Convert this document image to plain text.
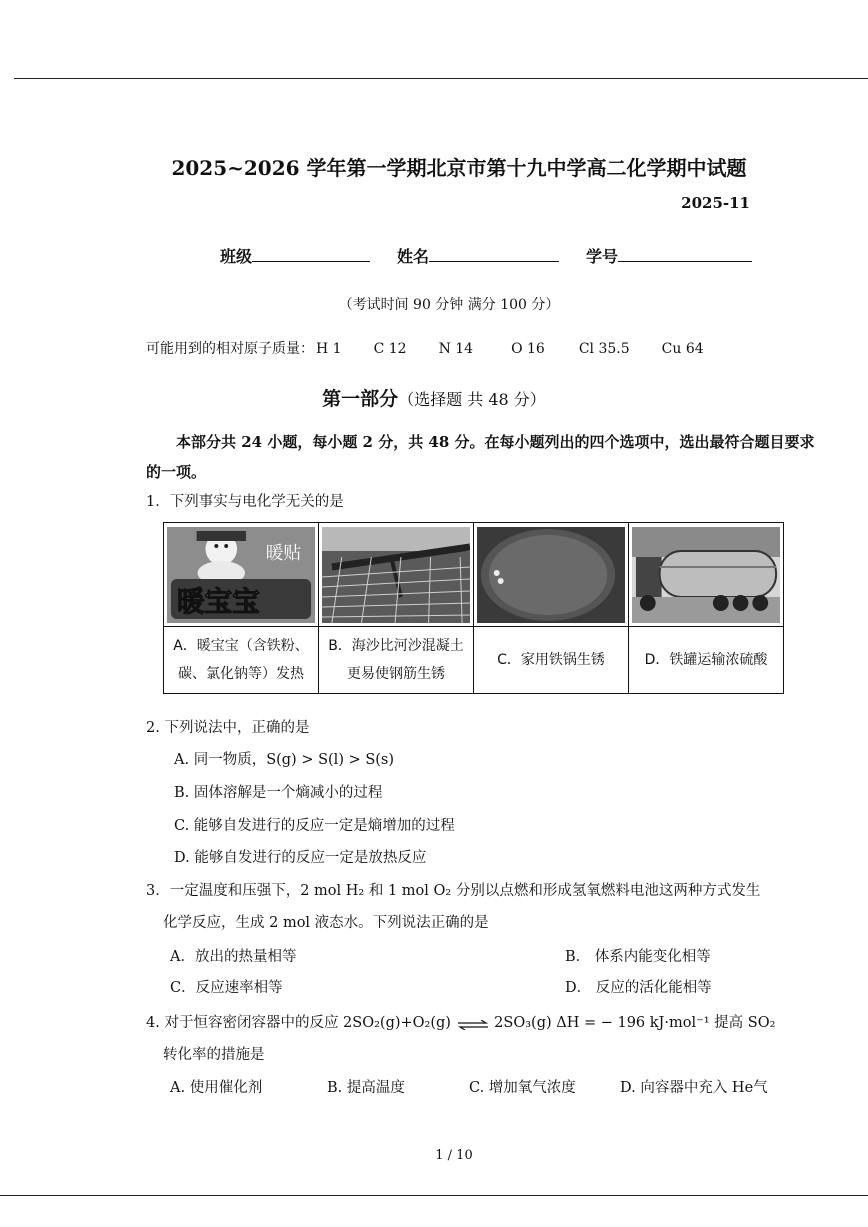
2025~2026 学年第一学期北京市第十九中学高二化学期中试题
2025-11
班级	姓名	学号
（考试时间 90 分钟 满分 100 分）
可能用到的相对原子质量： H 1 C 12 N 14	O 16 Cl 35.5 Cu 64
第一部分（选择题 共 48 分）
本部分共 24 小题，每小题 2 分，共 48 分。在每小题列出的四个选项中，选出最符合题目要求的一项。
1．下列事实与电化学无关的是
暖贴
暖宝宝

A．暖宝宝（含铁粉、碳、氯化钠等）发热	B．海沙比河沙混凝土更易使钢筋生锈	C．家用铁锅生锈	D．铁罐运输浓硫酸
2. 下列说法中，正确的是
A. 同一物质，S(g) > S(l) > S(s)
B. 固体溶解是一个熵减小的过程
C. 能够自发进行的反应一定是熵增加的过程
D. 能够自发进行的反应一定是放热反应
3．一定温度和压强下，2 mol H₂ 和 1 mol O₂ 分别以点燃和形成氢氧燃料电池这两种方式发生
化学反应，生成 2 mol 液态水。下列说法正确的是
A．放出的热量相等	B． 体系内能变化相等
C．反应速率相等	D． 反应的活化能相等
4. 对于恒容密闭容器中的反应 2SO₂(g)+O₂(g) ⇌ 2SO₃(g) ΔH = − 196 kJ·mol⁻¹ 提高 SO₂
转化率的措施是
A. 使用催化剂	B. 提高温度	C. 增加氧气浓度	D. 向容器中充入 He气
1 / 10
